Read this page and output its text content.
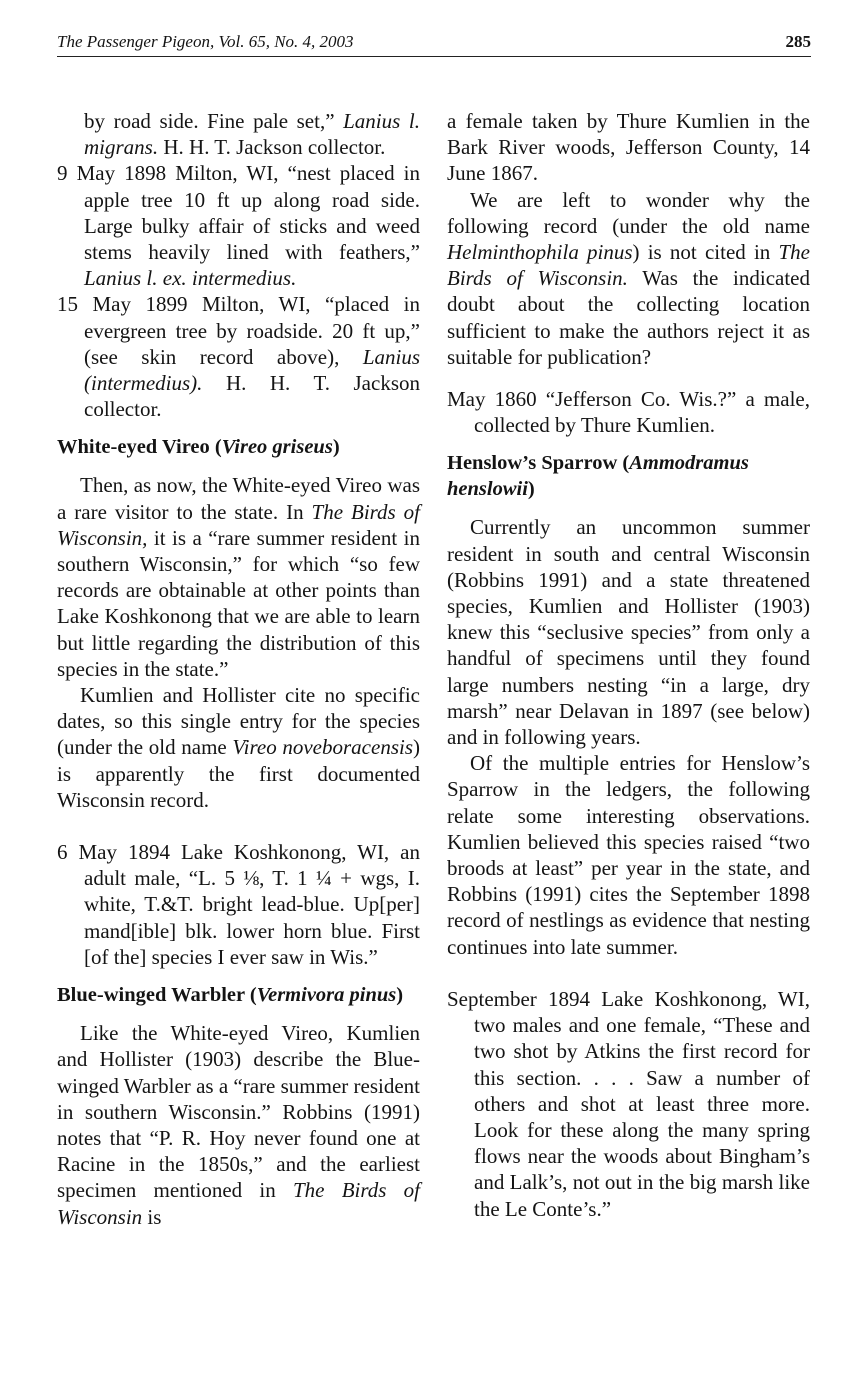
The Passenger Pigeon, Vol. 65, No. 4, 2003	285

by road side. Fine pale set,” Lanius l. migrans. H. H. T. Jackson collector.

9 May 1898 Milton, WI, “nest placed in apple tree 10 ft up along road side. Large bulky affair of sticks and weed stems heavily lined with feathers,” Lanius l. ex. intermedius.

15 May 1899 Milton, WI, “placed in evergreen tree by roadside. 20 ft up,” (see skin record above), Lanius (intermedius). H. H. T. Jackson collector.

White-eyed Vireo (Vireo griseus)

Then, as now, the White-eyed Vireo was a rare visitor to the state. In The Birds of Wisconsin, it is a “rare summer resident in southern Wisconsin,” for which “so few records are obtainable at other points than Lake Koshkonong that we are able to learn but little regarding the distribution of this species in the state.”

Kumlien and Hollister cite no specific dates, so this single entry for the species (under the old name Vireo noveboracensis) is apparently the first documented Wisconsin record.

6 May 1894 Lake Koshkonong, WI, an adult male, “L. 5 ⅛, T. 1 ¼ + wgs, I. white, T.&T. bright lead-blue. Up[per] mand[ible] blk. lower horn blue. First [of the] species I ever saw in Wis.”

Blue-winged Warbler (Vermivora pinus)

Like the White-eyed Vireo, Kumlien and Hollister (1903) describe the Blue-winged Warbler as a “rare summer resident in southern Wisconsin.” Robbins (1991) notes that “P. R. Hoy never found one at Racine in the 1850s,” and the earliest specimen mentioned in The Birds of Wisconsin is

a female taken by Thure Kumlien in the Bark River woods, Jefferson County, 14 June 1867.

We are left to wonder why the following record (under the old name Helminthophila pinus) is not cited in The Birds of Wisconsin. Was the indicated doubt about the collecting location sufficient to make the authors reject it as suitable for publication?

May 1860 “Jefferson Co. Wis.?” a male, collected by Thure Kumlien.

Henslow’s Sparrow (Ammodramus henslowii)

Currently an uncommon summer resident in south and central Wisconsin (Robbins 1991) and a state threatened species, Kumlien and Hollister (1903) knew this “seclusive species” from only a handful of specimens until they found large numbers nesting “in a large, dry marsh” near Delavan in 1897 (see below) and in following years.

Of the multiple entries for Henslow’s Sparrow in the ledgers, the following relate some interesting observations. Kumlien believed this species raised “two broods at least” per year in the state, and Robbins (1991) cites the September 1898 record of nestlings as evidence that nesting continues into late summer.

September 1894 Lake Koshkonong, WI, two males and one female, “These and two shot by Atkins the first record for this section. . . . Saw a number of others and shot at least three more. Look for these along the many spring flows near the woods about Bingham’s and Lalk’s, not out in the big marsh like the Le Conte’s.”
